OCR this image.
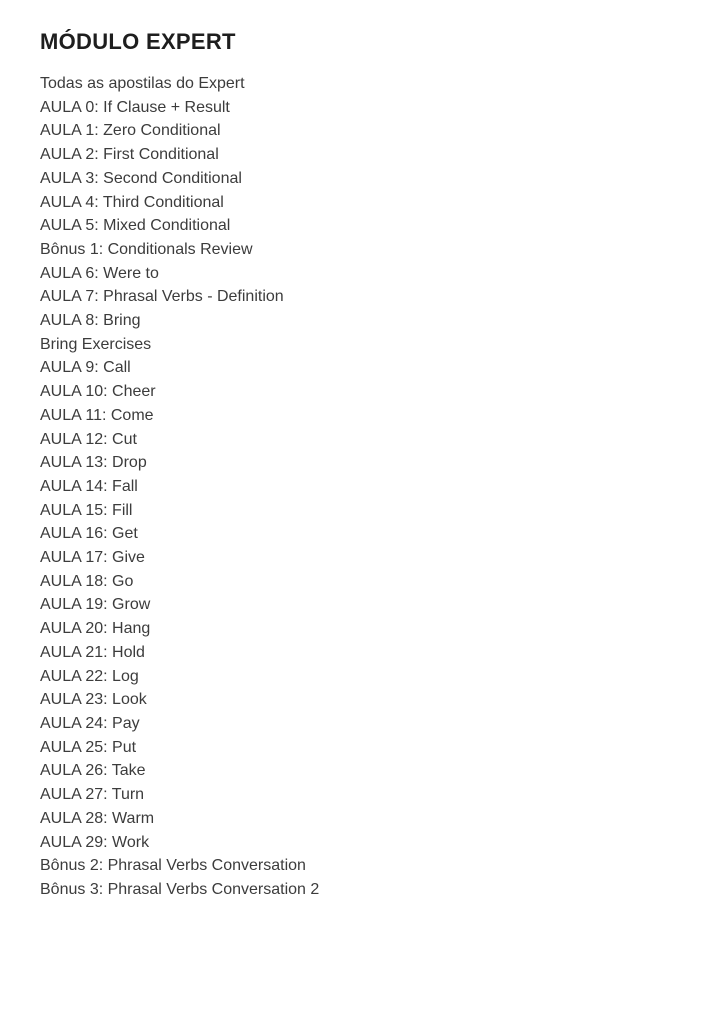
MÓDULO EXPERT
Todas as apostilas do Expert
AULA 0: If Clause + Result
AULA 1: Zero Conditional
AULA 2: First Conditional
AULA 3: Second Conditional
AULA 4: Third Conditional
AULA 5: Mixed Conditional
Bônus 1: Conditionals Review
AULA 6: Were to
AULA 7: Phrasal Verbs - Definition
AULA 8: Bring
Bring Exercises
AULA 9: Call
AULA 10: Cheer
AULA 11: Come
AULA 12: Cut
AULA 13: Drop
AULA 14: Fall
AULA 15: Fill
AULA 16: Get
AULA 17: Give
AULA 18: Go
AULA 19: Grow
AULA 20: Hang
AULA 21: Hold
AULA 22: Log
AULA 23: Look
AULA 24: Pay
AULA 25: Put
AULA 26: Take
AULA 27: Turn
AULA 28: Warm
AULA 29: Work
Bônus 2: Phrasal Verbs Conversation
Bônus 3: Phrasal Verbs Conversation 2
